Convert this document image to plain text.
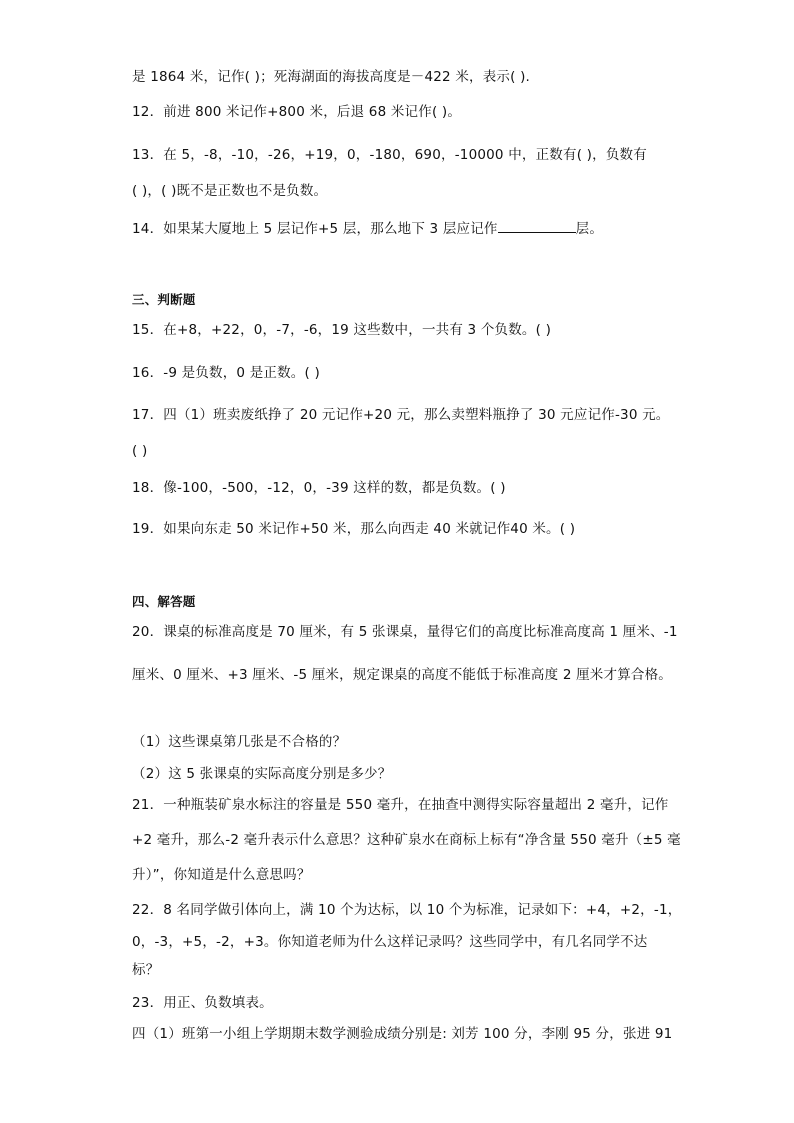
是 1864 米，记作( )；死海湖面的海拔高度是－422 米，表示( ).
12．前进 800 米记作+800 米，后退 68 米记作( )。
13．在 5，-8，-10，-26，+19，0，-180，690，-10000 中，正数有( )，负数有
( )，( )既不是正数也不是负数。
14．如果某大厦地上 5 层记作+5 层，那么地下 3 层应记作	层。
三、判断题
15．在+8，+22，0，-7，-6，19 这些数中，一共有 3 个负数。( )
16．-9 是负数，0 是正数。( )
17．四（1）班卖废纸挣了 20 元记作+20 元，那么卖塑料瓶挣了 30 元应记作-30 元。
( )
18．像-100，-500，-12，0，-39 这样的数，都是负数。( )
19．如果向东走 50 米记作+50 米，那么向西走 40 米就记作40 米。( )
四、解答题
20．课桌的标准高度是 70 厘米，有 5 张课桌，量得它们的高度比标准高度高 1 厘米、-1
厘米、0 厘米、+3 厘米、-5 厘米，规定课桌的高度不能低于标准高度 2 厘米才算合格。
（1）这些课桌第几张是不合格的？
（2）这 5 张课桌的实际高度分别是多少？
21．一种瓶装矿泉水标注的容量是 550 毫升，在抽查中测得实际容量超出 2 毫升，记作
+2 毫升，那么-2 毫升表示什么意思？这种矿泉水在商标上标有“净含量 550 毫升（±5 毫
升）”，你知道是什么意思吗？
22．8 名同学做引体向上，满 10 个为达标，以 10 个为标准，记录如下：+4，+2，-1，
0，-3，+5，-2，+3。你知道老师为什么这样记录吗？这些同学中，有几名同学不达
标？
23．用正、负数填表。
四（1）班第一小组上学期期末数学测验成绩分别是: 刘芳 100 分，李刚 95 分，张进 91
